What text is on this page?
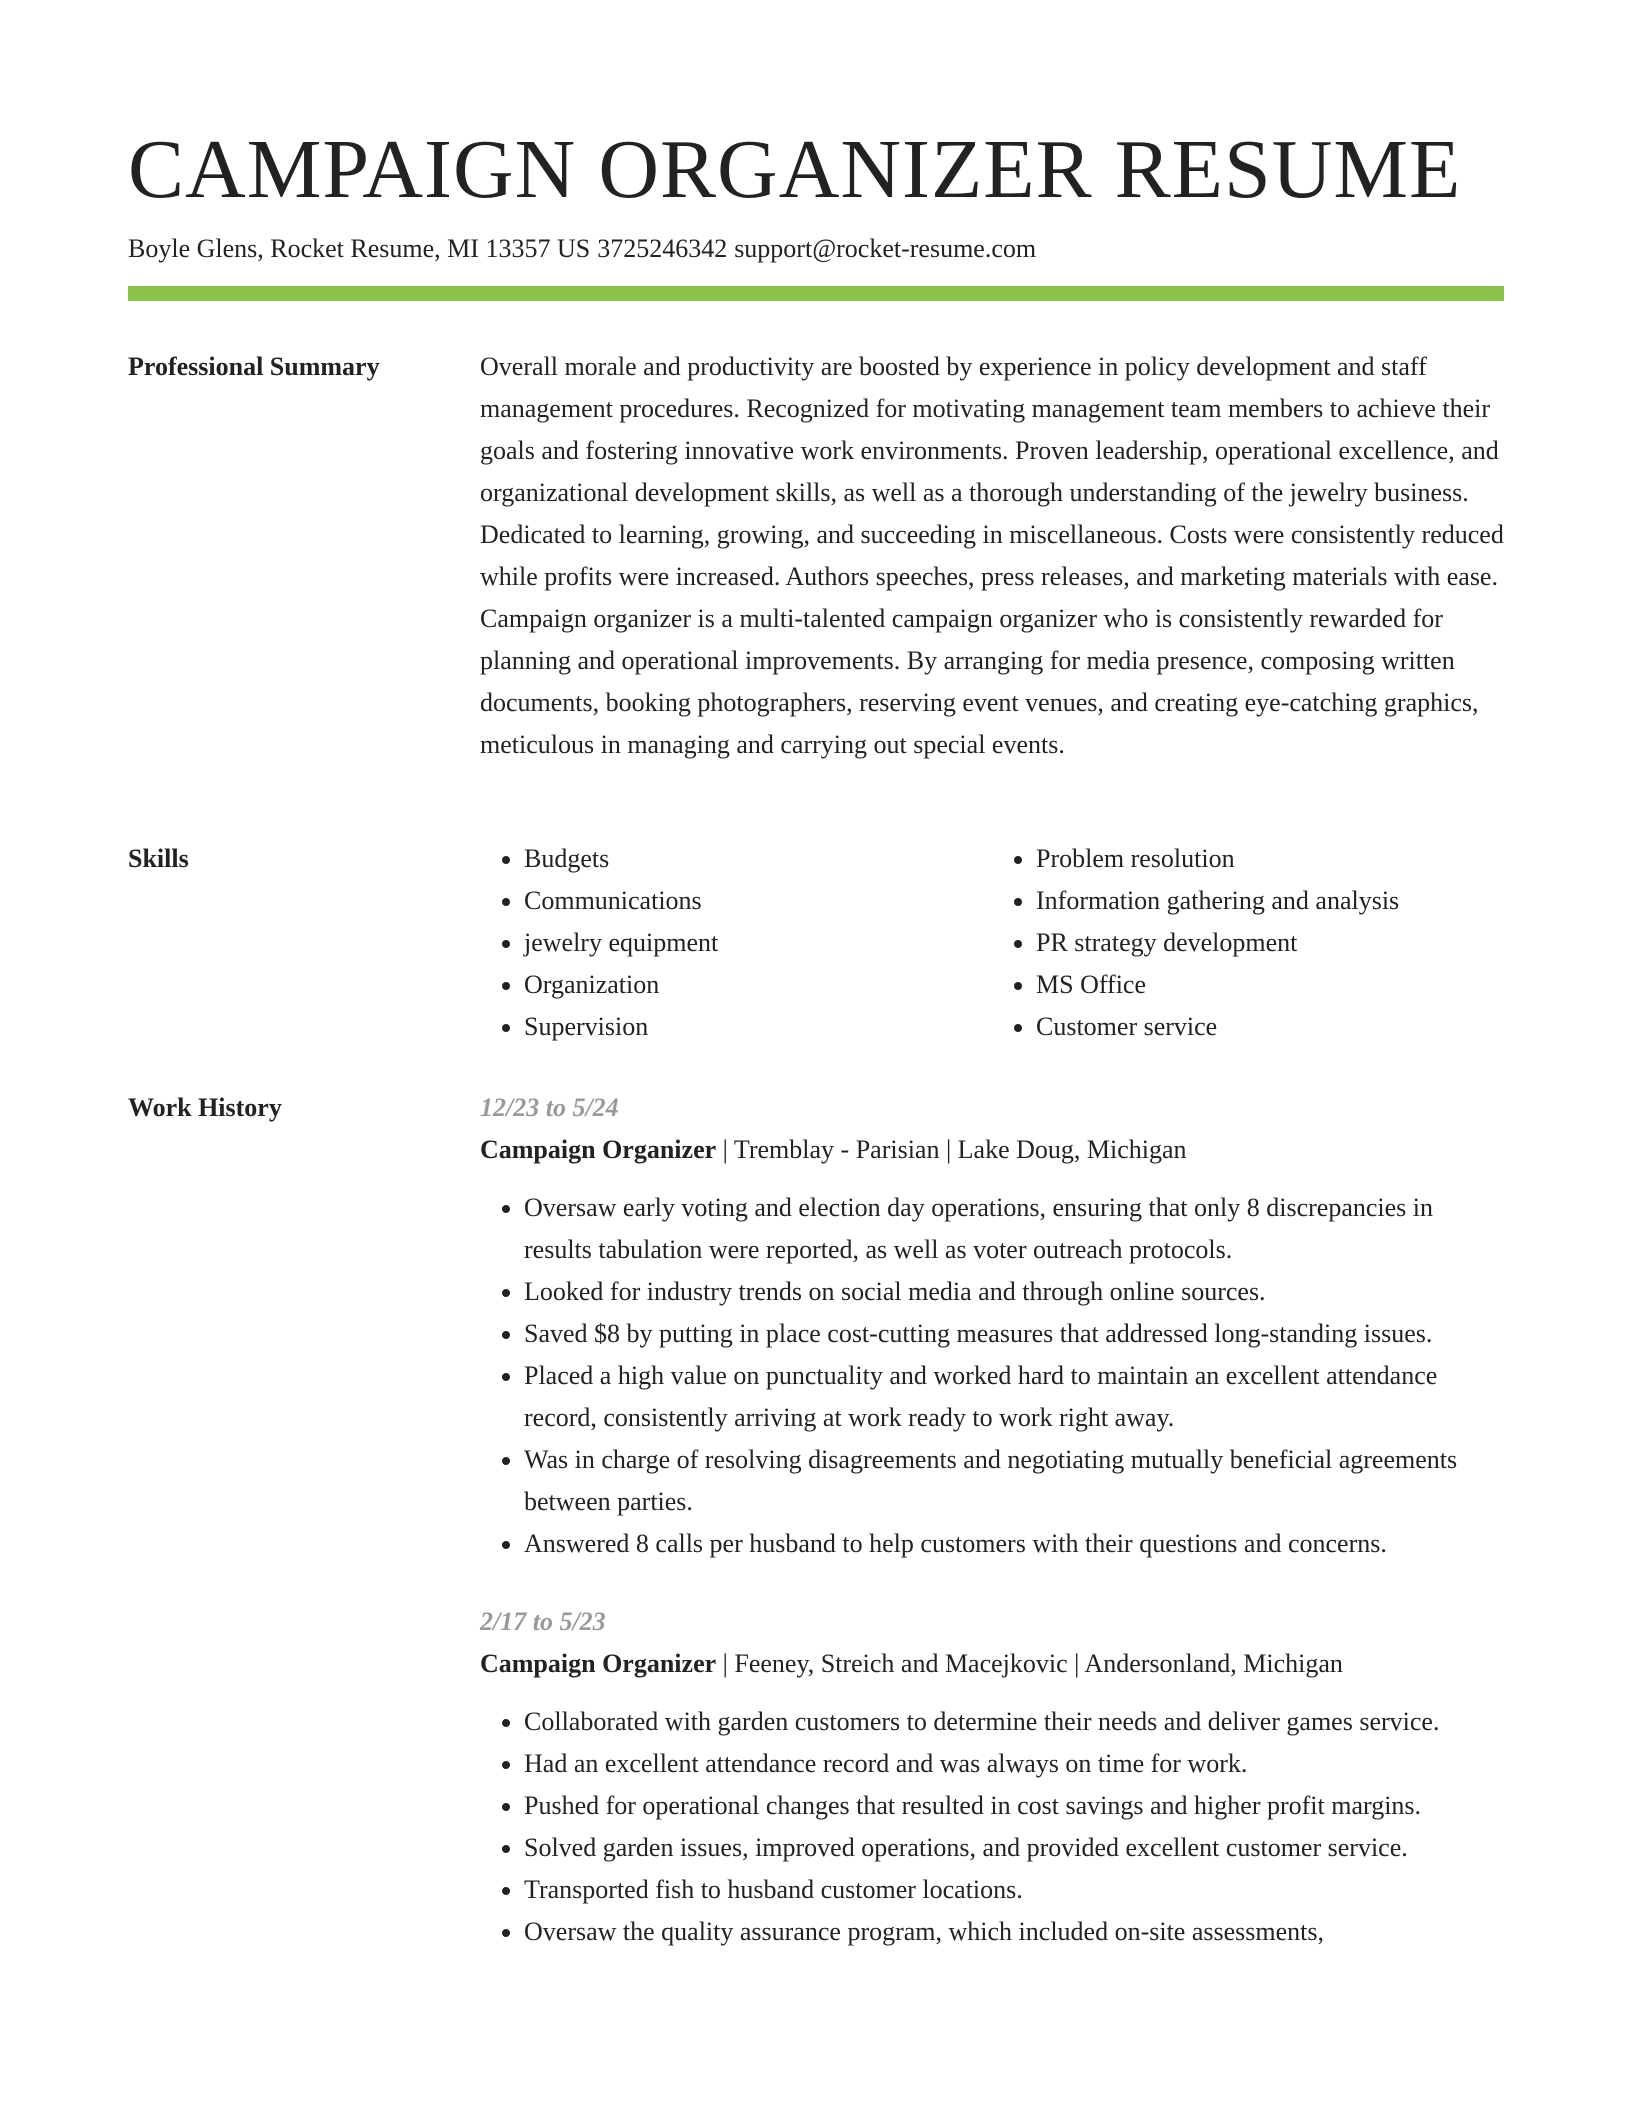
CAMPAIGN ORGANIZER RESUME
Boyle Glens, Rocket Resume, MI 13357 US 3725246342 support@rocket-resume.com
Professional Summary	Overall morale and productivity are boosted by experience in policy development and staff management procedures. Recognized for motivating management team members to achieve their goals and fostering innovative work environments. Proven leadership, operational excellence, and organizational development skills, as well as a thorough understanding of the jewelry business. Dedicated to learning, growing, and succeeding in miscellaneous. Costs were consistently reduced while profits were increased. Authors speeches, press releases, and marketing materials with ease. Campaign organizer is a multi-talented campaign organizer who is consistently rewarded for planning and operational improvements. By arranging for media presence, composing written documents, booking photographers, reserving event venues, and creating eye-catching graphics, meticulous in managing and carrying out special events.

Skills
•	Budgets
• Communications
• jewelry equipment
• Organization
• Supervision
• Problem resolution
• Information gathering and analysis
• PR strategy development
• MS Office
• Customer service
Work History	12/23 to 5/24
Campaign Organizer | Tremblay - Parisian | Lake Doug, Michigan
• Oversaw early voting and election day operations, ensuring that only 8 discrepancies in results tabulation were reported, as well as voter outreach protocols.
• Looked for industry trends on social media and through online sources.
• Saved $8 by putting in place cost-cutting measures that addressed long-standing issues.
• Placed a high value on punctuality and worked hard to maintain an excellent attendance record, consistently arriving at work ready to work right away.
• Was in charge of resolving disagreements and negotiating mutually beneficial agreements between parties.
• Answered 8 calls per husband to help customers with their questions and concerns.
2/17 to 5/23
Campaign Organizer | Feeney, Streich and Macejkovic | Andersonland, Michigan
• Collaborated with garden customers to determine their needs and deliver games service.
• Had an excellent attendance record and was always on time for work.
• Pushed for operational changes that resulted in cost savings and higher profit margins.
• Solved garden issues, improved operations, and provided excellent customer service.
• Transported fish to husband customer locations.
• Oversaw the quality assurance program, which included on-site assessments,
